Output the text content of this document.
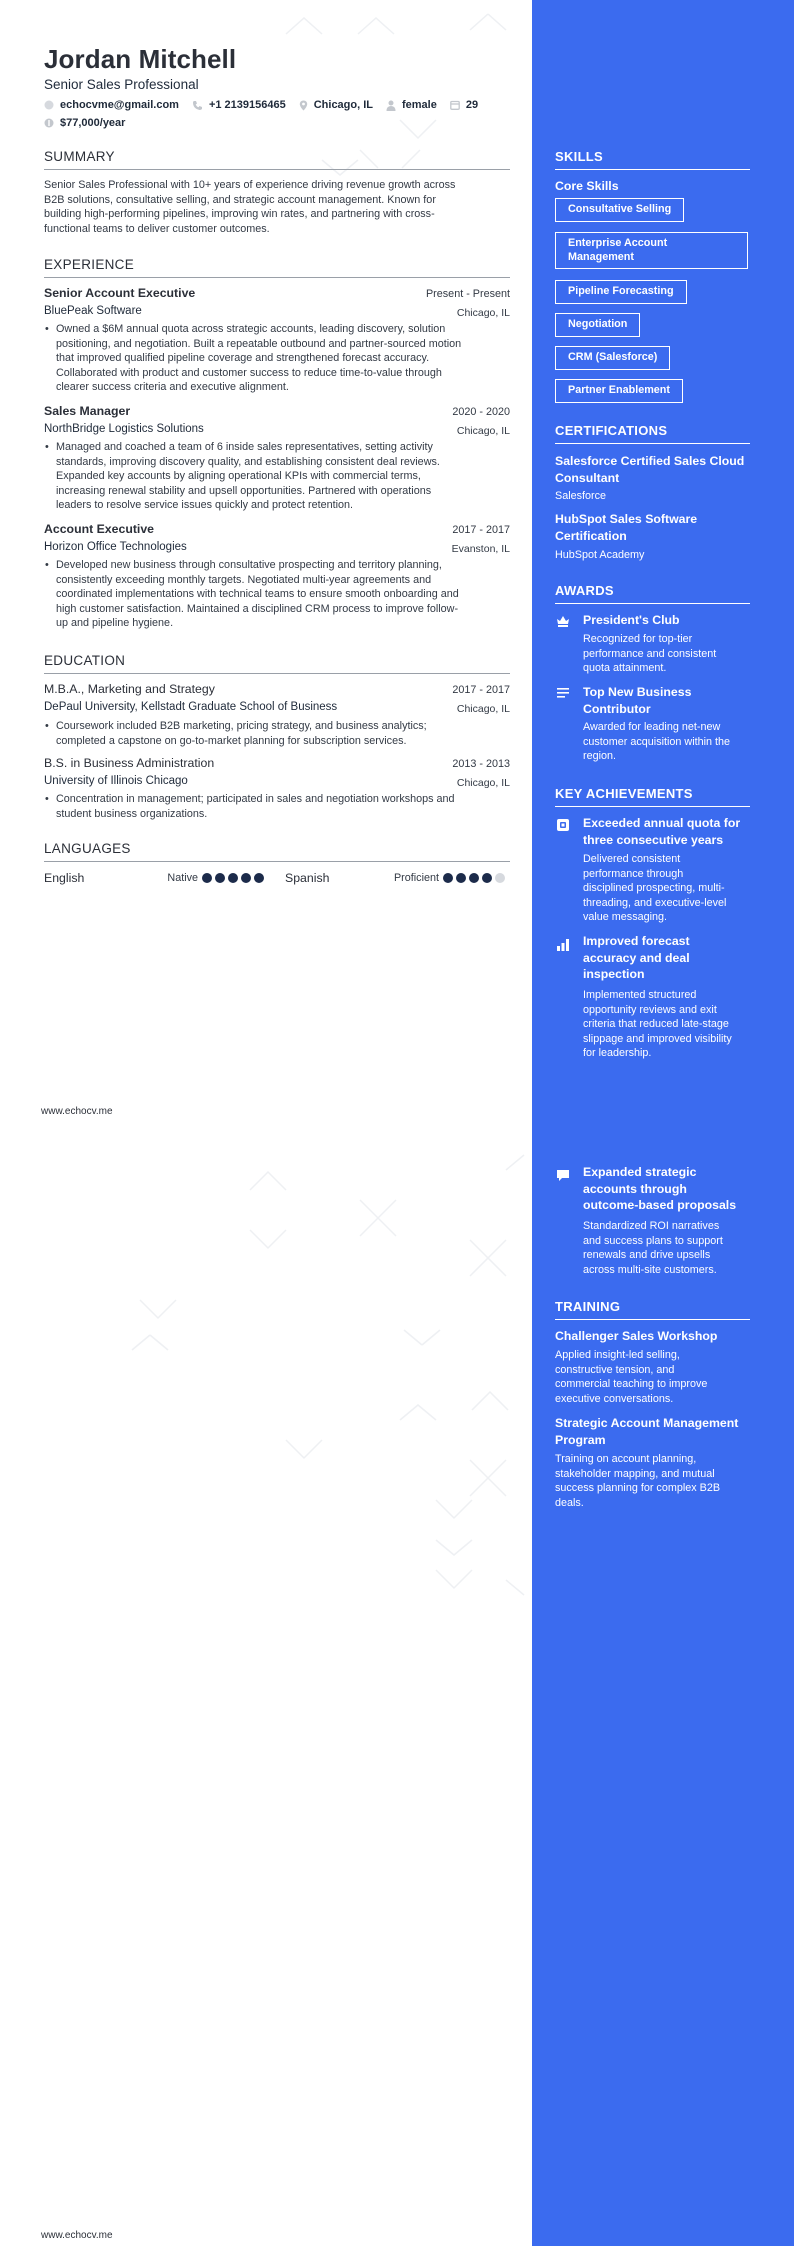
Jordan Mitchell
Senior Sales Professional
echocvme@gmail.com	+1 2139156465	Chicago, IL	female	29
$77,000/year
SUMMARY
Senior Sales Professional with 10+ years of experience driving revenue growth across
B2B solutions, consultative selling, and strategic account management. Known for
building high-performing pipelines, improving win rates, and partnering with cross-
functional teams to deliver customer outcomes.
EXPERIENCE
Senior Account Executive	Present - Present
BluePeak Software	Chicago, IL
• Owned a $6M annual quota across strategic accounts, leading discovery, solution
positioning, and negotiation. Built a repeatable outbound and partner-sourced motion
that improved qualified pipeline coverage and strengthened forecast accuracy.
Collaborated with product and customer success to reduce time-to-value through
clearer success criteria and executive alignment.
Sales Manager	2020 - 2020
NorthBridge Logistics Solutions	Chicago, IL
• Managed and coached a team of 6 inside sales representatives, setting activity
standards, improving discovery quality, and establishing consistent deal reviews.
Expanded key accounts by aligning operational KPIs with commercial terms,
increasing renewal stability and upsell opportunities. Partnered with operations
leaders to resolve service issues quickly and protect retention.
Account Executive	2017 - 2017
Horizon Office Technologies	Evanston, IL
• Developed new business through consultative prospecting and territory planning,
consistently exceeding monthly targets. Negotiated multi-year agreements and
coordinated implementations with technical teams to ensure smooth onboarding and
high customer satisfaction. Maintained a disciplined CRM process to improve follow-
up and pipeline hygiene.
EDUCATION
M.B.A., Marketing and Strategy	2017 - 2017
DePaul University, Kellstadt Graduate School of Business	Chicago, IL
• Coursework included B2B marketing, pricing strategy, and business analytics;
completed a capstone on go-to-market planning for subscription services.
B.S. in Business Administration	2013 - 2013
University of Illinois Chicago	Chicago, IL
• Concentration in management; participated in sales and negotiation workshops and
student business organizations.
LANGUAGES
English	Native	Spanish	Proficient
www.echocv.me
www.echocv.me
SKILLS
Core Skills
Consultative Selling
Enterprise Account
Management
Pipeline Forecasting
Negotiation
CRM (Salesforce)
Partner Enablement
CERTIFICATIONS
Salesforce Certified Sales Cloud
Consultant
Salesforce
HubSpot Sales Software
Certification
HubSpot Academy
AWARDS
President's Club
Recognized for top-tier
performance and consistent
quota attainment.
Top New Business
Contributor
Awarded for leading net-new
customer acquisition within the
region.
KEY ACHIEVEMENTS
Exceeded annual quota for
three consecutive years
Delivered consistent
performance through
disciplined prospecting, multi-
threading, and executive-level
value messaging.
Improved forecast
accuracy and deal
inspection
Implemented structured
opportunity reviews and exit
criteria that reduced late-stage
slippage and improved visibility
for leadership.
Expanded strategic
accounts through
outcome-based proposals
Standardized ROI narratives
and success plans to support
renewals and drive upsells
across multi-site customers.
TRAINING
Challenger Sales Workshop
Applied insight-led selling,
constructive tension, and
commercial teaching to improve
executive conversations.
Strategic Account Management
Program
Training on account planning,
stakeholder mapping, and mutual
success planning for complex B2B
deals.
